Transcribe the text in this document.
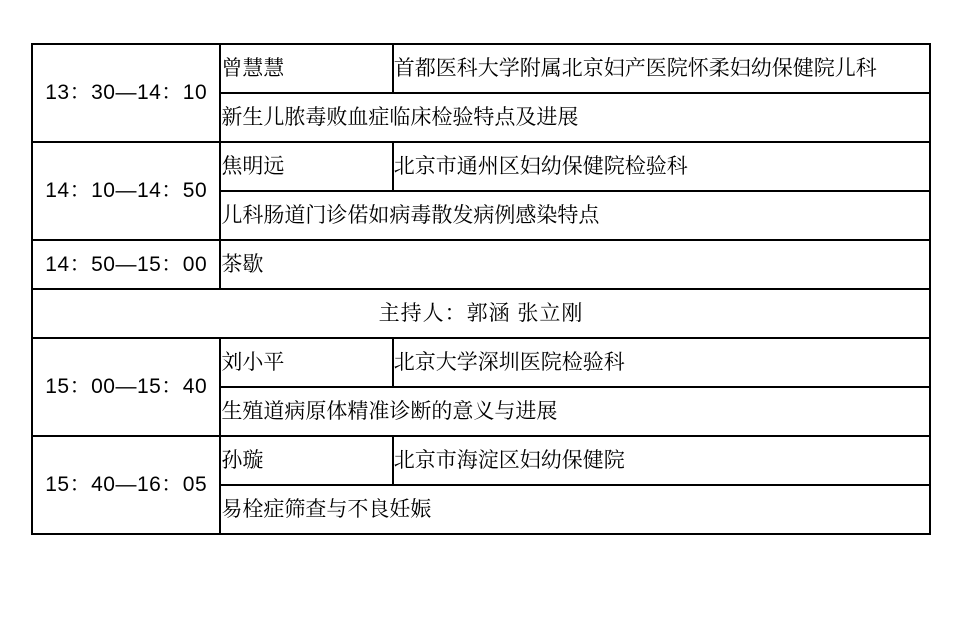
13：30—14：10	曾慧慧	首都医科大学附属北京妇产医院怀柔妇幼保健院儿科
	新生儿脓毒败血症临床检验特点及进展	
14：10—14：50	焦明远	北京市通州区妇幼保健院检验科
	儿科肠道门诊偌如病毒散发病例感染特点	
14：50—15：00	茶歇	
主持人：郭涵 张立刚		
15：00—15：40	刘小平	北京大学深圳医院检验科
	生殖道病原体精准诊断的意义与进展	
15：40—16：05	孙璇	北京市海淀区妇幼保健院
	易栓症筛查与不良妊娠	
